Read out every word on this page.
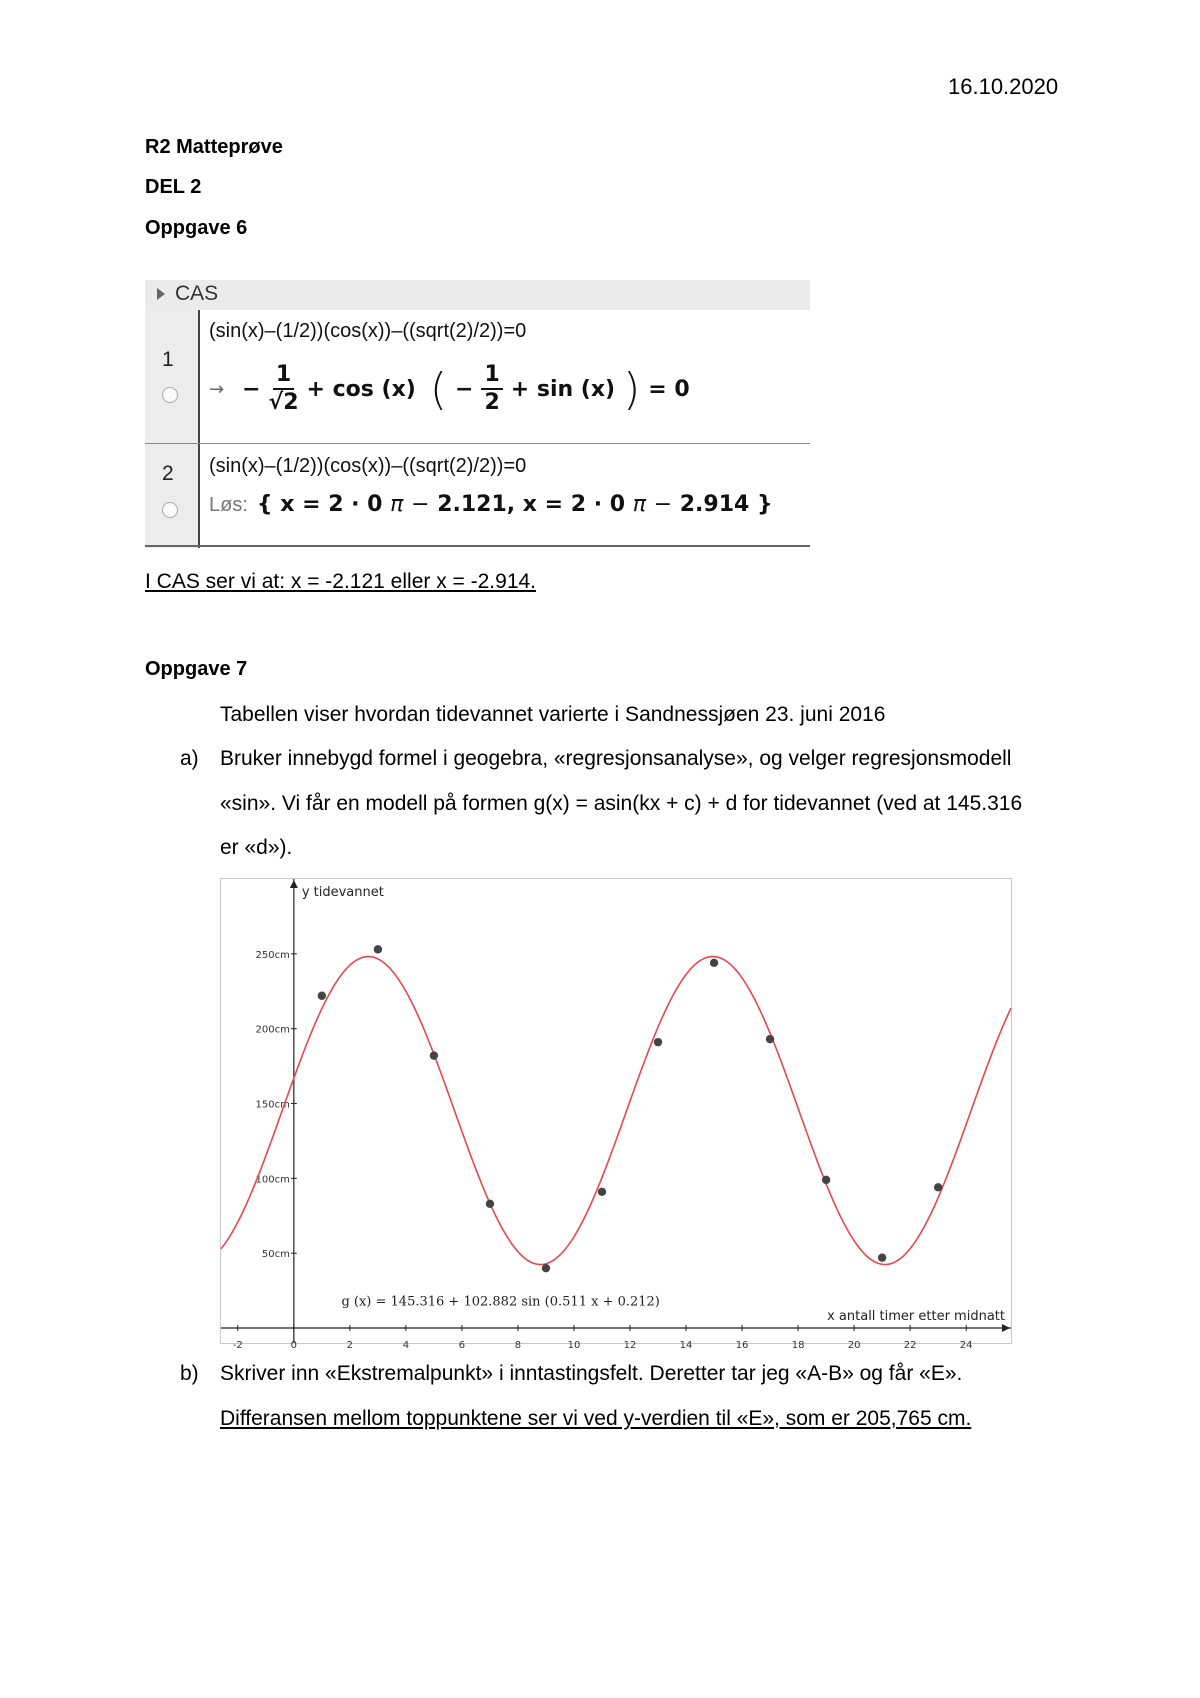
16.10.2020
R2 Matteprøve
DEL 2
Oppgave 6
CAS
1
(sin(x)–(1/2))(cos(x))–((sqrt(2)/2))=0
→ − $\frac{1}{√2} + \cos (x)$ ( − $\frac{1}{2} + \sin (x)$ ) = 0
2 (sin(x)–(1/2))(cos(x))–((sqrt(2)/2))=0
Løs: { x = 2 · 0 π − 2.121, x = 2 · 0 π − 2.914 }
I CAS ser vi at: x = -2.121 eller x = -2.914.
Oppgave 7
Tabellen viser hvordan tidevannet varierte i Sandnessjøen 23. juni 2016
a) Bruker innebygd formel i geogebra, «regresjonsanalyse», og velger regresjonsmodell
«sin». Vi får en modell på formen g(x) = asin(kx + c) + d for tidevannet (ved at 145.316
er «d»).
-2	0	2	4	6	8	10	12	14	16	18	20	22	24
50cm
100cm
150cm
200cm
250cm
y tidevannet
x antall timer etter midnatt
g (x) = 145.316 + 102.882 sin (0.511 x + 0.212)
b) Skriver inn «Ekstremalpunkt» i inntastingsfelt. Deretter tar jeg «A-B» og får «E».
Differansen mellom toppunktene ser vi ved y-verdien til «E», som er 205,765 cm.
